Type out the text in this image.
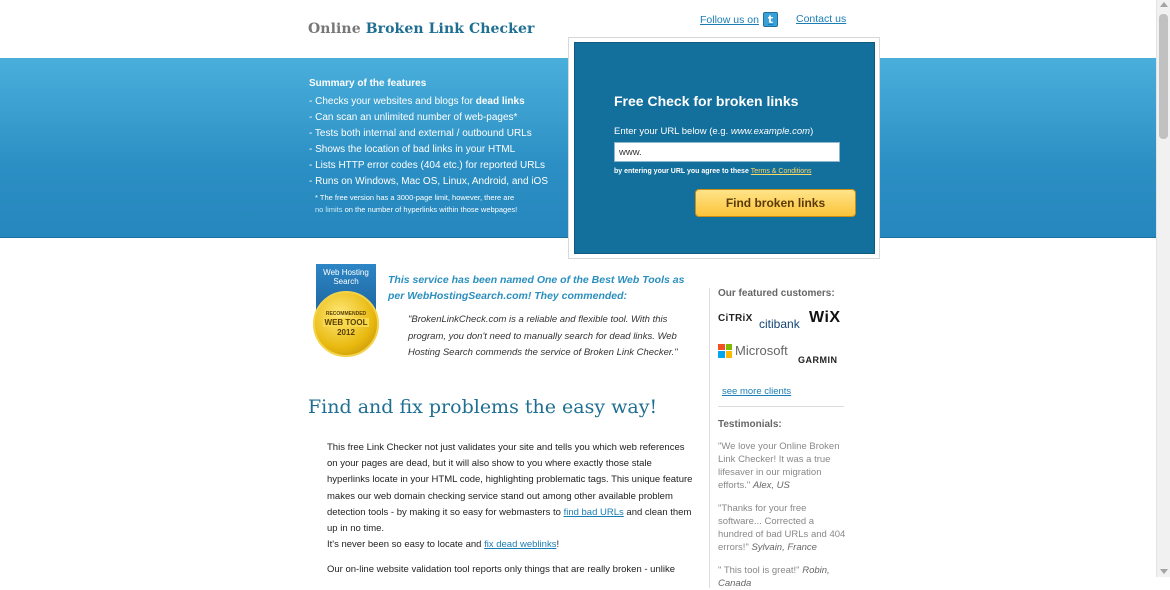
Online Broken Link Checker
Follow us on t	Contact us
Summary of the features
- Checks your websites and blogs for dead links
- Can scan an unlimited number of web-pages*
- Tests both internal and external / outbound URLs
- Shows the location of bad links in your HTML
- Lists HTTP error codes (404 etc.) for reported URLs
- Runs on Windows, Mac OS, Linux, Android, and iOS
* The free version has a 3000-page limit, however, there are
no limits on the number of hyperlinks within those webpages!
Free Check for broken links
Enter your URL below (e.g. www.example.com)
www.
by entering your URL you agree to these Terms & Conditions
Find broken links
Web Hosting
Search
RECOMMENDED
WEB TOOL
2012
This service has been named One of the Best Web Tools as
per WebHostingSearch.com! They commended:
"BrokenLinkCheck.com is a reliable and flexible tool. With this program, you don't need to manually search for dead links. Web Hosting Search commends the service of Broken Link Checker."
Find and fix problems the easy way!

This free Link Checker not just validates your site and tells you which web references on your pages are dead, but it will also show to you where exactly those stale hyperlinks locate in your HTML code, highlighting problematic tags. This unique feature makes our web domain checking service stand out among other available problem detection tools - by making it so easy for webmasters to find bad URLs and clean them up in no time.

It's never been so easy to locate and fix dead weblinks!

Our on-line website validation tool reports only things that are really broken - unlike

Our featured customers:
CiTRiX citibank WiX
Microsoft
GARMIN
see more clients
Testimonials:
"We love your Online Broken Link Checker! It was a true lifesaver in our migration efforts." Alex, US
"Thanks for your free software... Corrected a hundred of bad URLs and 404 errors!" Sylvain, France
" This tool is great!" Robin, Canada
